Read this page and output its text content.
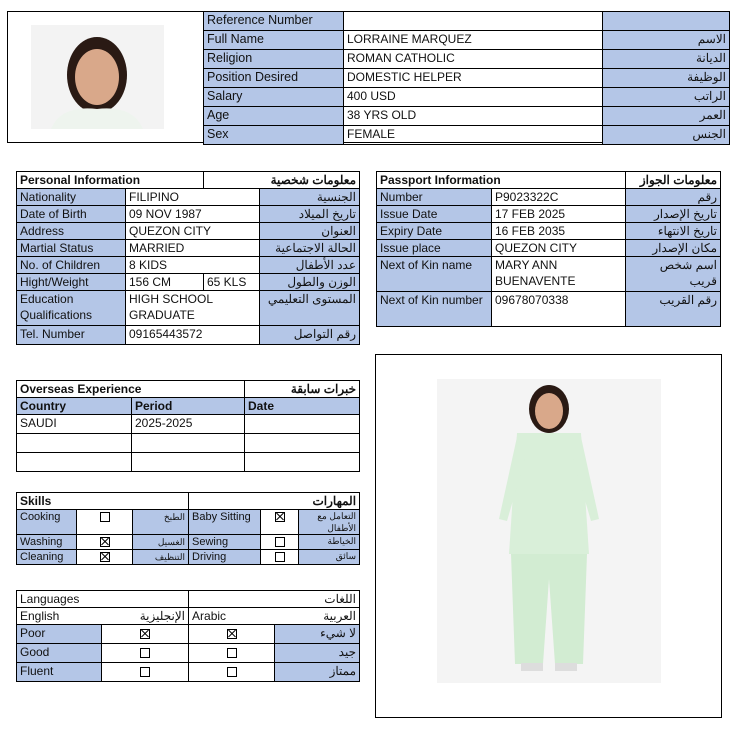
Reference Number		
Full Name	LORRAINE MARQUEZ	الاسم
Religion	ROMAN CATHOLIC	الديانة
Position Desired	DOMESTIC HELPER	الوظيفة
Salary	400 USD	الراتب
Age	38 YRS OLD	العمر
Sex	FEMALE	الجنس
Personal Information		معلومات شخصية	
Nationality	FILIPINO		الجنسية
Date of Birth	09 NOV 1987		تاريخ الميلاد
Address	QUEZON CITY		العنوان
Martial Status	MARRIED		الحالة الاجتماعية
No. of Children	8 KIDS		عدد الأطفال
Hight/Weight	156 CM	65 KLS	الوزن والطول
Education Qualifications	HIGH SCHOOL GRADUATE		المستوى التعليمي
Tel. Number	09165443572		رقم التواصل
Passport Information		معلومات الجواز
Number	P9023322C	رقم
Issue Date	17 FEB 2025	تاريخ الإصدار
Expiry Date	16 FEB 2035	تاريخ الانتهاء
Issue place	QUEZON CITY	مكان الإصدار
Next of Kin name	MARY ANN BUENAVENTE	اسم شخص قريب
Next of Kin number	09678070338	رقم القريب
Overseas Experience		خبرات سابقة
Country	Period	Date
SAUDI	2025-2025	

Skills			المهارات		
Cooking		الطبخ	Baby Sitting		التعامل مع الأطفال
Washing		الغسيل	Sewing		الخياطة
Cleaning		التنظيف	Driving		سائق
Languages		اللغات	
English الإنجليزية		Arabic العربية	

Poor			لا شيء
Good			جيد
Fluent			ممتاز
